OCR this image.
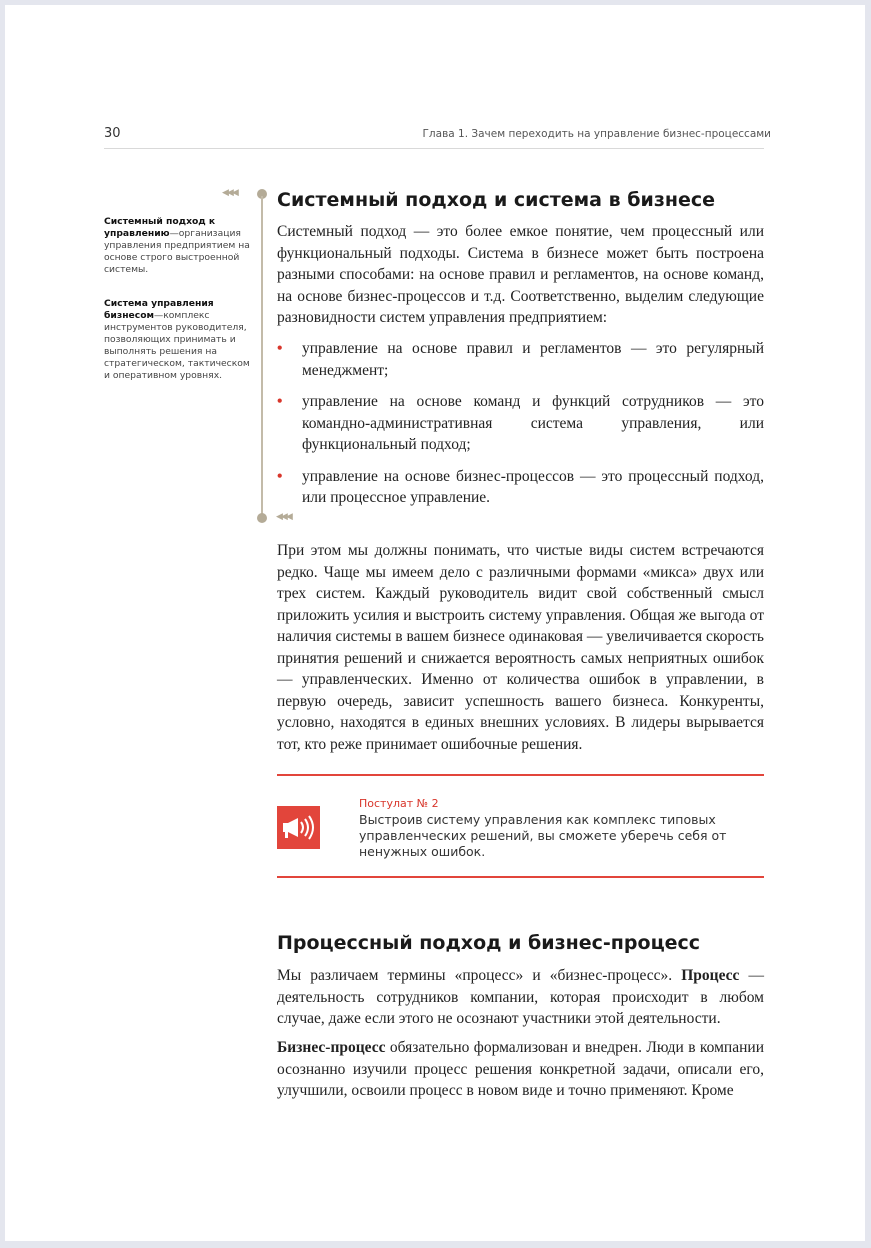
30	Глава 1. Зачем переходить на управление бизнес-процессами
◀◀◀
◀◀◀
Системный подход к управлению—организация управления предприятием на основе строго выстроенной системы.
Система управления бизнесом—комплекс инструментов руководителя, позволяющих принимать и выполнять решения на стратегическом, тактическом и оперативном уровнях.
Системный подход и система в бизнесе
Системный подход — это более емкое понятие, чем процессный или функциональный подходы. Система в бизнесе может быть построена разными способами: на основе правил и регламентов, на основе команд, на основе бизнес-процессов и т.д. Соответственно, выделим следующие разновидности систем управления предприятием:
• управление на основе правил и регламентов — это регулярный менеджмент;
• управление на основе команд и функций сотрудников — это командно-административная система управления, или функциональный подход;
• управление на основе бизнес-процессов — это процессный подход, или процессное управление.
При этом мы должны понимать, что чистые виды систем встречаются редко. Чаще мы имеем дело с различными формами «микса» двух или трех систем. Каждый руководитель видит свой собственный смысл приложить усилия и выстроить систему управления. Общая же выгода от наличия системы в вашем бизнесе одинаковая — увеличивается скорость принятия решений и снижается вероятность самых неприятных ошибок — управленческих. Именно от количества ошибок в управлении, в первую очередь, зависит успешность вашего бизнеса. Конкуренты, условно, находятся в единых внешних условиях. В лидеры вырывается тот, кто реже принимает ошибочные решения.
Постулат № 2
Выстроив систему управления как комплекс типовых управленческих решений, вы сможете уберечь себя от ненужных ошибок.
Процессный подход и бизнес-процесс
Мы различаем термины «процесс» и «бизнес-процесс». Процесс — деятельность сотрудников компании, которая происходит в любом случае, даже если этого не осознают участники этой деятельности.
Бизнес-процесс обязательно формализован и внедрен. Люди в компании осознанно изучили процесс решения конкретной задачи, описали его, улучшили, освоили процесс в новом виде и точно применяют. Кроме
